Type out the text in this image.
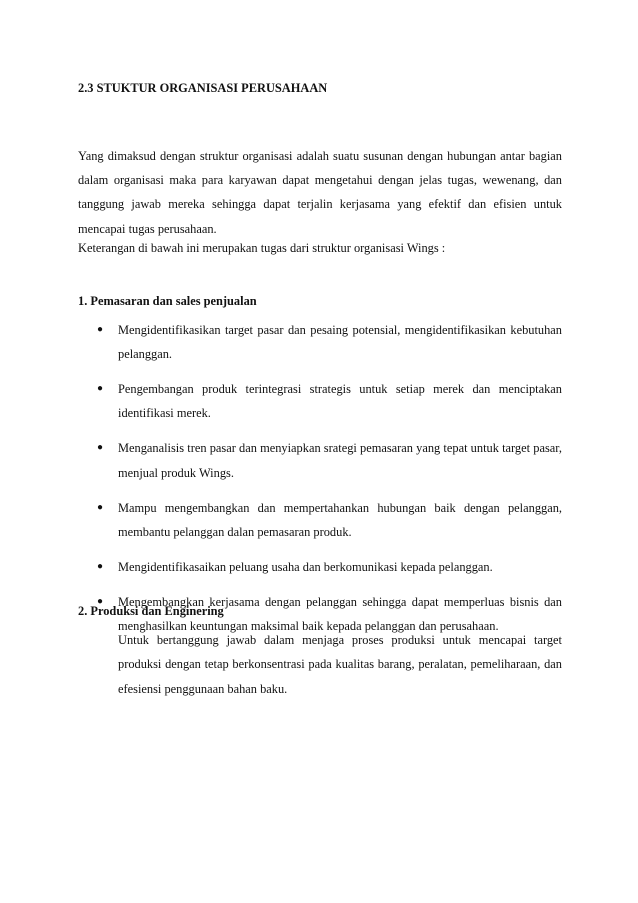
2.3 STUKTUR ORGANISASI PERUSAHAAN

Yang dimaksud dengan struktur organisasi adalah suatu susunan dengan hubungan antar bagian dalam organisasi maka para karyawan dapat mengetahui dengan jelas tugas, wewenang, dan tanggung jawab mereka sehingga dapat terjalin kerjasama yang efektif dan efisien untuk mencapai tugas perusahaan.

Keterangan di bawah ini merupakan tugas dari struktur organisasi Wings :

1. Pemasaran dan sales penjualan
● Mengidentifikasikan target pasar dan pesaing potensial, mengidentifikasikan kebutuhan pelanggan.
● Pengembangan produk terintegrasi strategis untuk setiap merek dan menciptakan identifikasi merek.
● Menganalisis tren pasar dan menyiapkan srategi pemasaran yang tepat untuk target pasar, menjual produk Wings.
● Mampu mengembangkan dan mempertahankan hubungan baik dengan pelanggan, membantu pelanggan dalan pemasaran produk.
● Mengidentifikasaikan peluang usaha dan berkomunikasi kepada pelanggan.
● Mengembangkan kerjasama dengan pelanggan sehingga dapat memperluas bisnis dan menghasilkan keuntungan maksimal baik kepada pelanggan dan perusahaan.
2. Produksi dan Enginering

Untuk bertanggung jawab dalam menjaga proses produksi untuk mencapai target produksi dengan tetap berkonsentrasi pada kualitas barang, peralatan, pemeliharaan, dan efesiensi penggunaan bahan baku.
